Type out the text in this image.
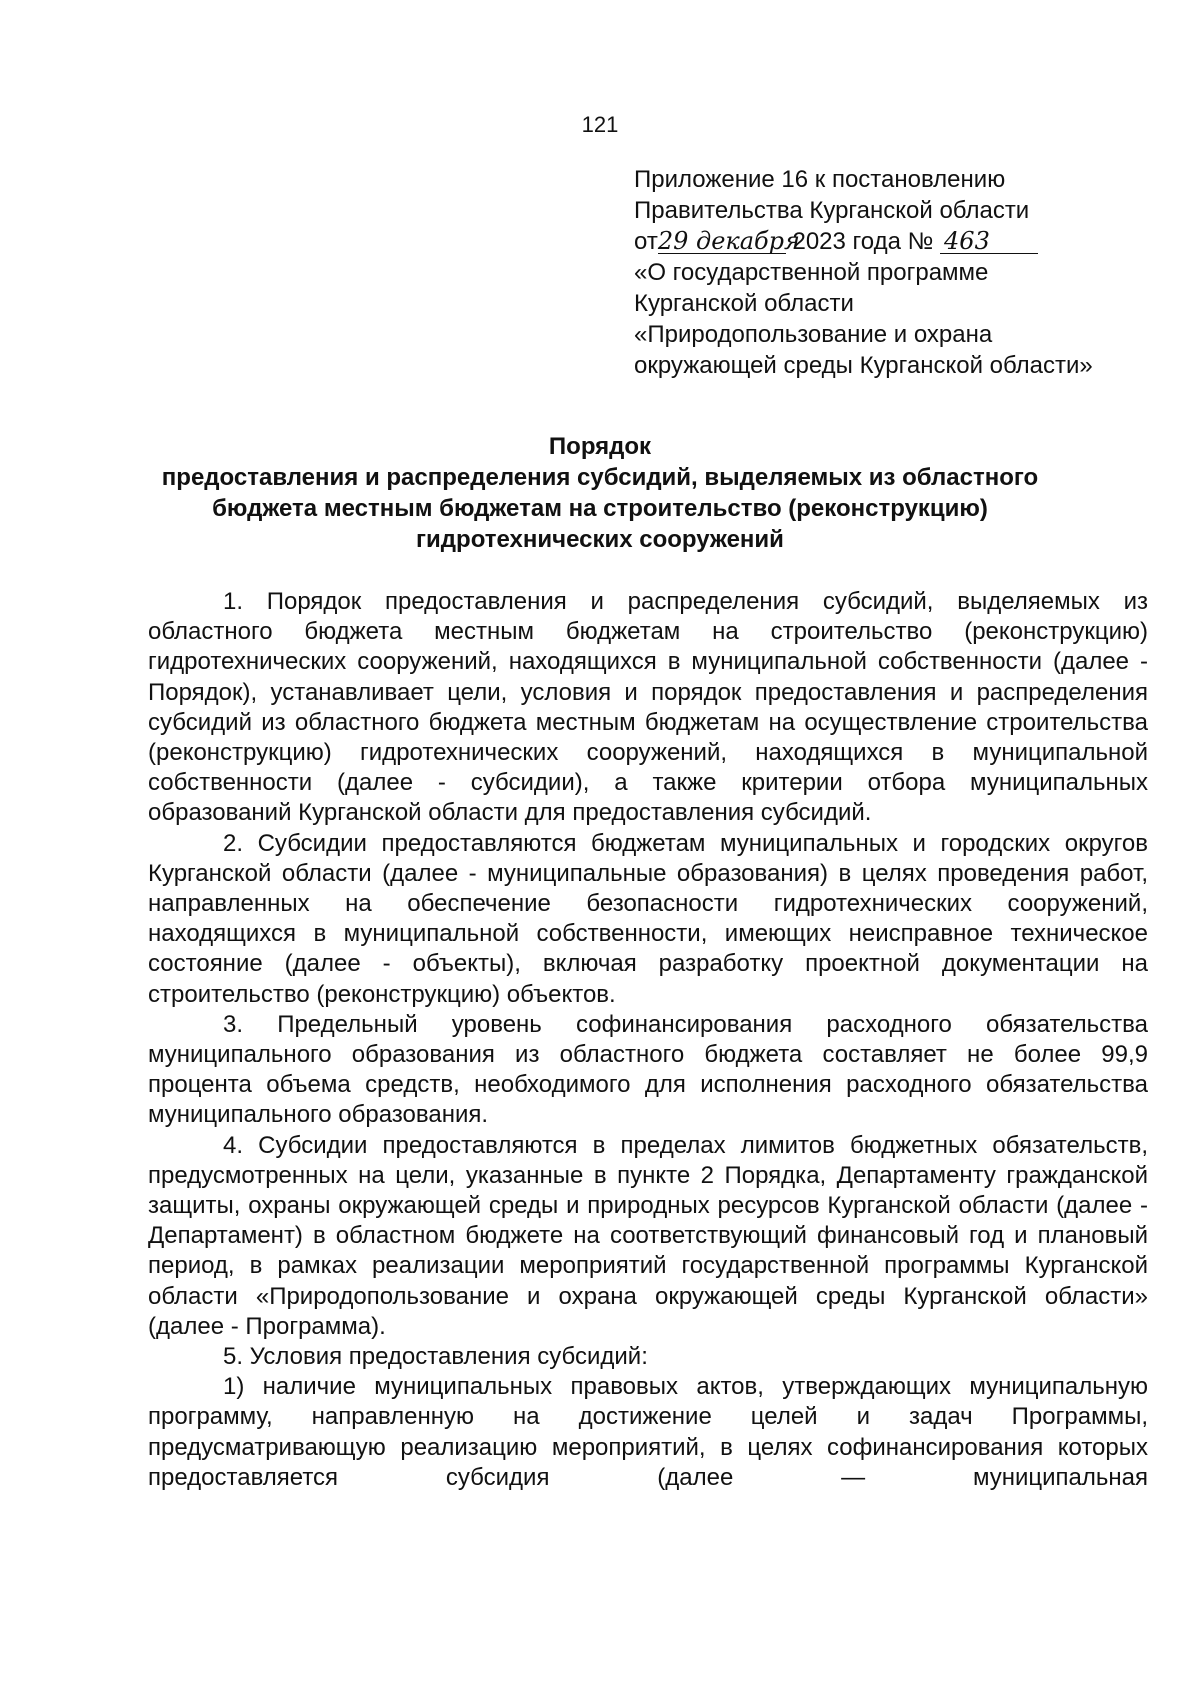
121
Приложение 16 к постановлению
Правительства Курганской области
от29 декабря 2023 года № 463
«О государственной программе
Курганской области
«Природопользование и охрана
окружающей среды Курганской области»
Порядок
предоставления и распределения субсидий, выделяемых из областного
бюджета местным бюджетам на строительство (реконструкцию)
гидротехнических сооружений

1. Порядок предоставления и распределения субсидий, выделяемых из областного бюджета местным бюджетам на строительство (реконструкцию) гидротехнических сооружений, находящихся в муниципальной собственности (далее - Порядок), устанавливает цели, условия и порядок предоставления и распределения субсидий из областного бюджета местным бюджетам на осуществление строительства (реконструкцию) гидротехнических сооружений, находящихся в муниципальной собственности (далее - субсидии), а также критерии отбора муниципальных образований Курганской области для предоставления субсидий.

2. Субсидии предоставляются бюджетам муниципальных и городских округов Курганской области (далее - муниципальные образования) в целях проведения работ, направленных на обеспечение безопасности гидротехнических сооружений, находящихся в муниципальной собственности, имеющих неисправное техническое состояние (далее - объекты), включая разработку проектной документации на строительство (реконструкцию) объектов.

3. Предельный уровень софинансирования расходного обязательства муниципального образования из областного бюджета составляет не более 99,9 процента объема средств, необходимого для исполнения расходного обязательства муниципального образования.

4. Субсидии предоставляются в пределах лимитов бюджетных обязательств, предусмотренных на цели, указанные в пункте 2 Порядка, Департаменту гражданской защиты, охраны окружающей среды и природных ресурсов Курганской области (далее - Департамент) в областном бюджете на соответствующий финансовый год и плановый период, в рамках реализации мероприятий государственной программы Курганской области «Природопользование и охрана окружающей среды Курганской области» (далее - Программа).

5. Условия предоставления субсидий:

1) наличие муниципальных правовых актов, утверждающих муниципальную программу, направленную на достижение целей и задач Программы, предусматривающую реализацию мероприятий, в целях софинансирования которых предоставляется субсидия (далее — муниципальная
